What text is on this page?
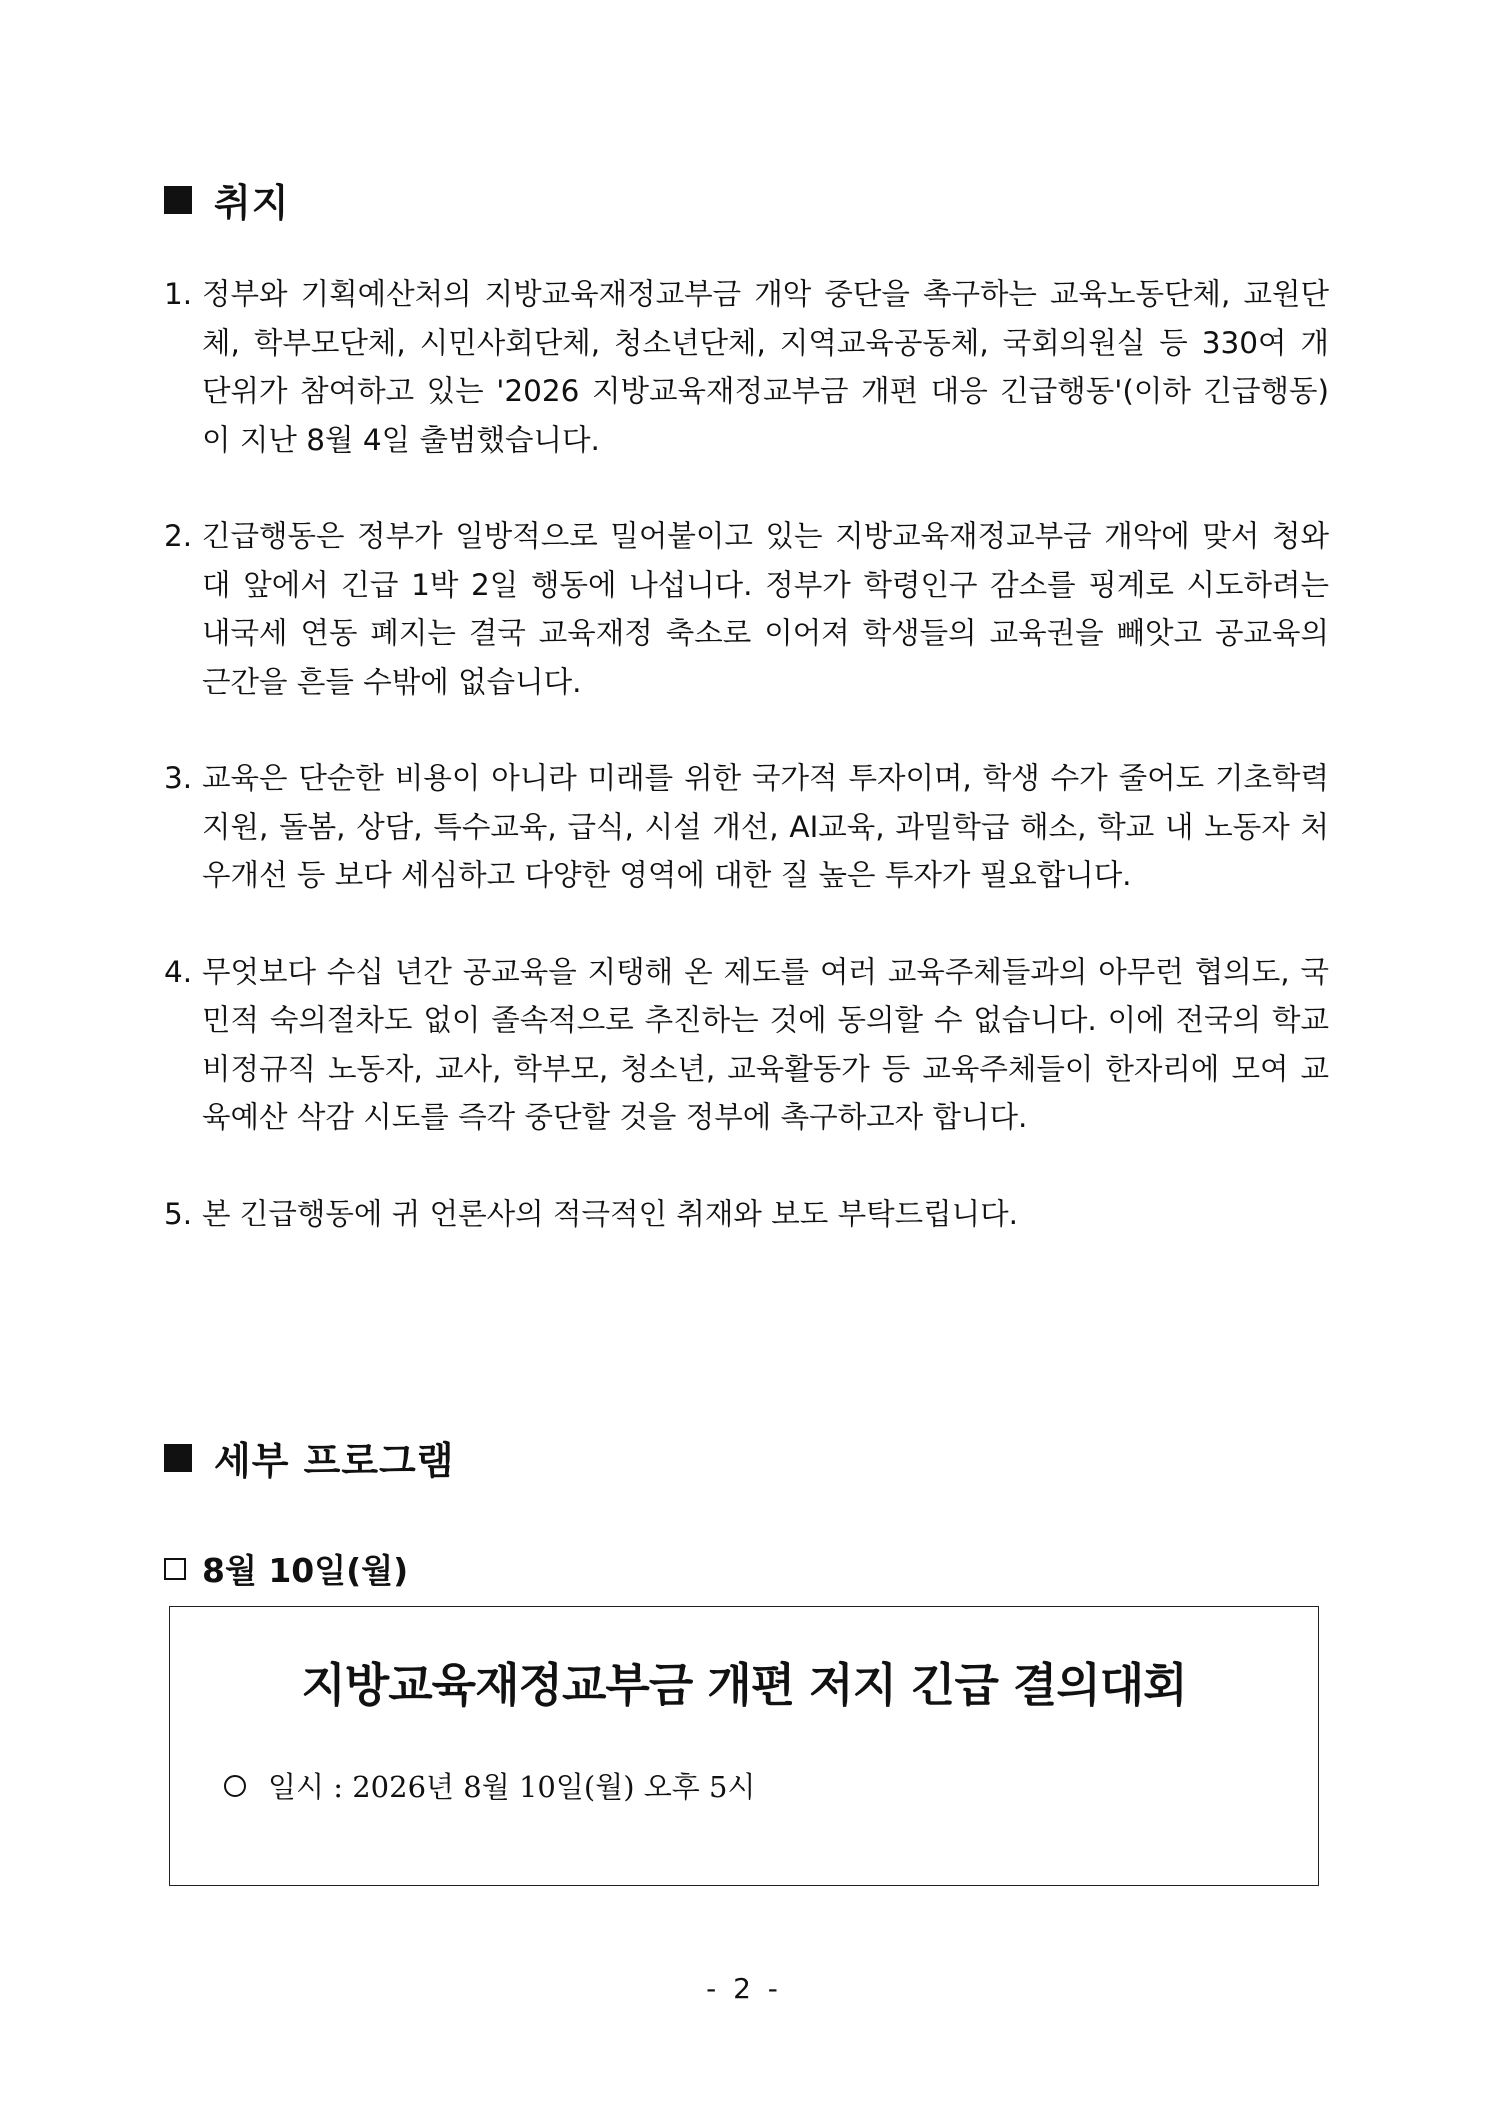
취지
1. 정부와 기획예산처의 지방교육재정교부금 개악 중단을 촉구하는 교육노동단체, 교원단체, 학부모단체, 시민사회단체, 청소년단체, 지역교육공동체, 국회의원실 등 330여 개 단위가 참여하고 있는 '2026 지방교육재정교부금 개편 대응 긴급행동'(이하 긴급행동)이 지난 8월 4일 출범했습니다.
2. 긴급행동은 정부가 일방적으로 밀어붙이고 있는 지방교육재정교부금 개악에 맞서 청와대 앞에서 긴급 1박 2일 행동에 나섭니다. 정부가 학령인구 감소를 핑계로 시도하려는 내국세 연동 폐지는 결국 교육재정 축소로 이어져 학생들의 교육권을 빼앗고 공교육의 근간을 흔들 수밖에 없습니다.
3. 교육은 단순한 비용이 아니라 미래를 위한 국가적 투자이며, 학생 수가 줄어도 기초학력 지원, 돌봄, 상담, 특수교육, 급식, 시설 개선, AI교육, 과밀학급 해소, 학교 내 노동자 처우개선 등 보다 세심하고 다양한 영역에 대한 질 높은 투자가 필요합니다.
4. 무엇보다 수십 년간 공교육을 지탱해 온 제도를 여러 교육주체들과의 아무런 협의도, 국민적 숙의절차도 없이 졸속적으로 추진하는 것에 동의할 수 없습니다. 이에 전국의 학교비정규직 노동자, 교사, 학부모, 청소년, 교육활동가 등 교육주체들이 한자리에 모여 교육예산 삭감 시도를 즉각 중단할 것을 정부에 촉구하고자 합니다.
5. 본 긴급행동에 귀 언론사의 적극적인 취재와 보도 부탁드립니다.
세부 프로그램
8월 10일(월)
지방교육재정교부금 개편 저지 긴급 결의대회
일시 : 2026년 8월 10일(월) 오후 5시
- 2 -
